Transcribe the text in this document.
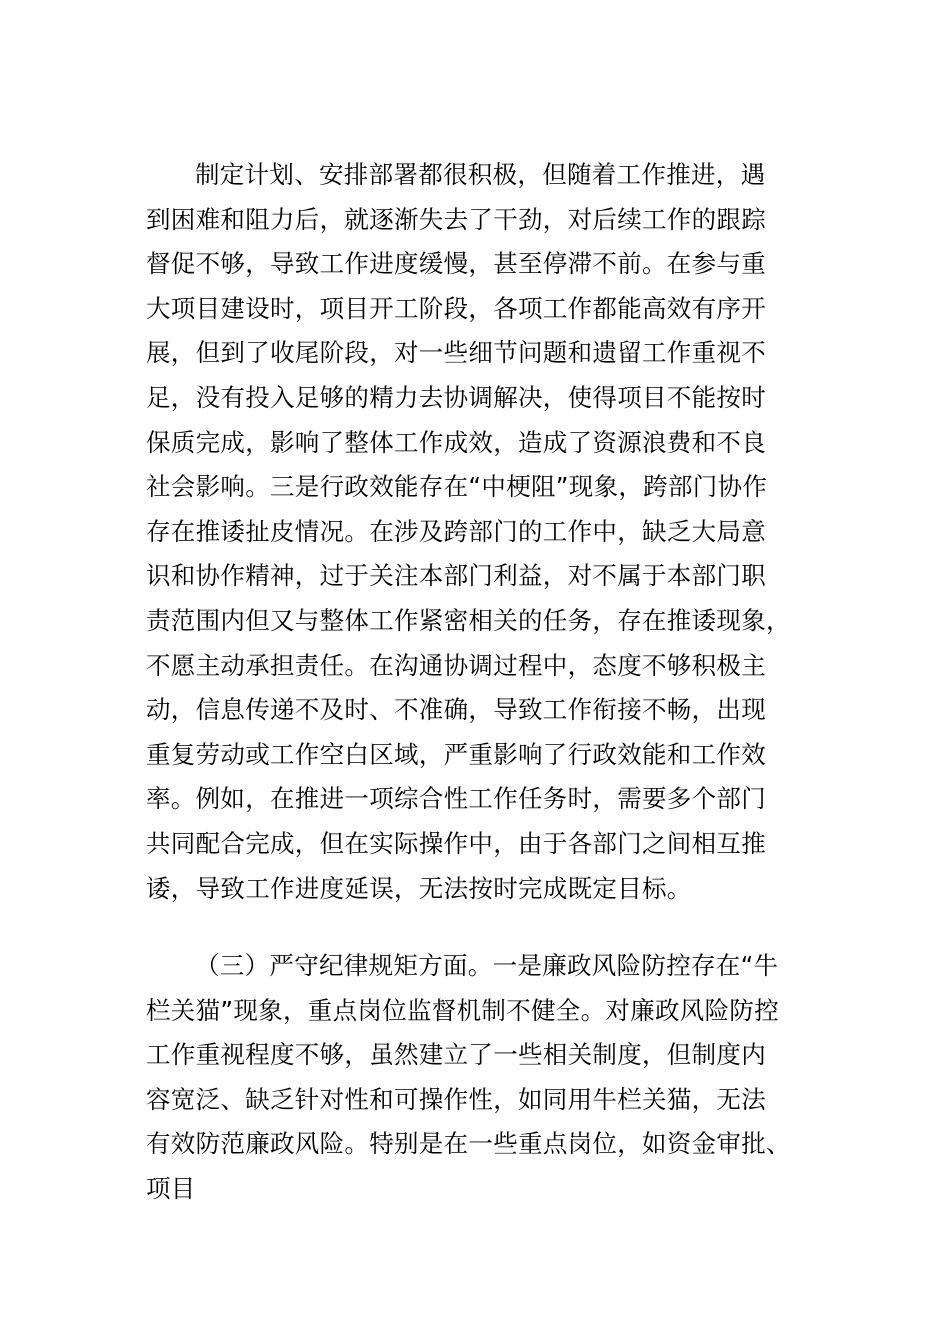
制定计划、安排部署都很积极，但随着工作推进，遇
到困难和阻力后，就逐渐失去了干劲，对后续工作的跟踪
督促不够，导致工作进度缓慢，甚至停滞不前。在参与重
大项目建设时，项目开工阶段，各项工作都能高效有序开
展，但到了收尾阶段，对一些细节问题和遗留工作重视不
足，没有投入足够的精力去协调解决，使得项目不能按时
保质完成，影响了整体工作成效，造成了资源浪费和不良
社会影响。三是行政效能存在“中梗阻”现象，跨部门协作
存在推诿扯皮情况。在涉及跨部门的工作中，缺乏大局意
识和协作精神，过于关注本部门利益，对不属于本部门职
责范围内但又与整体工作紧密相关的任务，存在推诿现象，
不愿主动承担责任。在沟通协调过程中，态度不够积极主
动，信息传递不及时、不准确，导致工作衔接不畅，出现
重复劳动或工作空白区域，严重影响了行政效能和工作效
率。例如，在推进一项综合性工作任务时，需要多个部门
共同配合完成，但在实际操作中，由于各部门之间相互推
诿，导致工作进度延误，无法按时完成既定目标。
（三）严守纪律规矩方面。一是廉政风险防控存在“牛
栏关猫”现象，重点岗位监督机制不健全。对廉政风险防控
工作重视程度不够，虽然建立了一些相关制度，但制度内
容宽泛、缺乏针对性和可操作性，如同用牛栏关猫，无法
有效防范廉政风险。特别是在一些重点岗位，如资金审批、
项目
